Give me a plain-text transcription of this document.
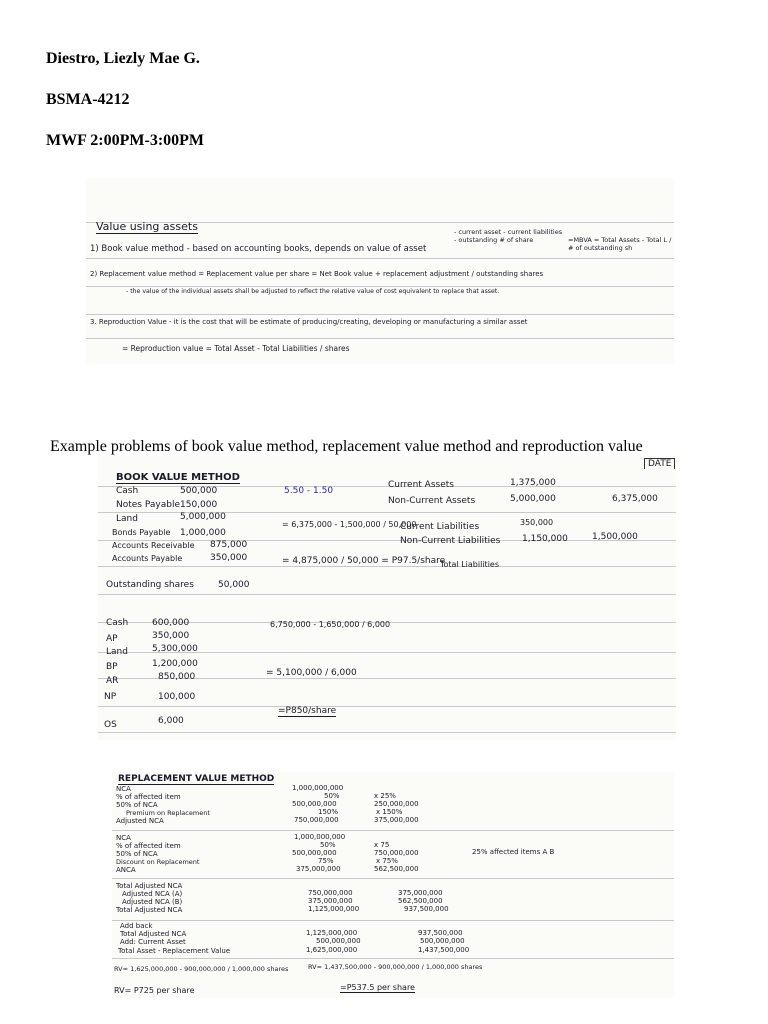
Diestro, Liezly Mae G.
BSMA-4212
MWF 2:00PM-3:00PM
Value using assets
1) Book value method - based on accounting books, depends on value of asset
- current asset - current liabilities - outstanding # of share	=MBVA = Total Assets - Total L / # of outstanding sh
2) Replacement value method = Replacement value per share = Net Book value + replacement adjustment / outstanding shares
- the value of the individual assets shall be adjusted to reflect the relative value of cost equivalent to replace that asset.
3. Reproduction Value - it is the cost that will be estimate of producing/creating, developing or manufacturing a similar asset
= Reproduction value = Total Asset - Total Liabilities / shares
Example problems of book value method, replacement value method and reproduction value
DATE
BOOK VALUE METHOD
Cash	500,000
Notes Payable 150,000
Land	5,000,000
Bonds Payable 1,000,000
Accounts Receivable 875,000
Accounts Payable	350,000
Outstanding shares	50,000
5.50 - 1.50
= 6,375,000 - 1,500,000 / 50,000
= 4,875,000 / 50,000 = P97.5/share
Current Assets	1,375,000
Non-Current Assets	5,000,000	6,375,000
Current Liabilities	350,000
Non-Current Liabilities 1,150,000	1,500,000
Total Liabilities
Cash	600,000
AP	350,000
Land	5,300,000
BP	1,200,000
AR	850,000
NP	100,000
OS	6,000
6,750,000 - 1,650,000 / 6,000
= 5,100,000 / 6,000
=P850/share
REPLACEMENT VALUE METHOD
NCA	1,000,000,000
% of affected item	50%	x 25%
50% of NCA	500,000,000	250,000,000
Premium on Replacement	150%	x 150%
Adjusted NCA	750,000,000	375,000,000
NCA	1,000,000,000
% of affected item	50%	x 75
50% of NCA	500,000,000	750,000,000
Discount on Replacement	75%	x 75%
ANCA	375,000,000	562,500,000
25% affected items A B
Total Adjusted NCA
Adjusted NCA (A)	750,000,000	375,000,000
Adjusted NCA (B)	375,000,000	562,500,000
Total Adjusted NCA	1,125,000,000	937,500,000
Add back
Total Adjusted NCA	1,125,000,000	937,500,000
Add: Current Asset	500,000,000	500,000,000
Total Asset - Replacement Value	1,625,000,000	1,437,500,000
RV= 1,625,000,000 - 900,000,000 / 1,000,000 shares	RV= 1,437,500,000 - 900,000,000 / 1,000,000 shares
RV= P725 per share	=P537.5 per share
